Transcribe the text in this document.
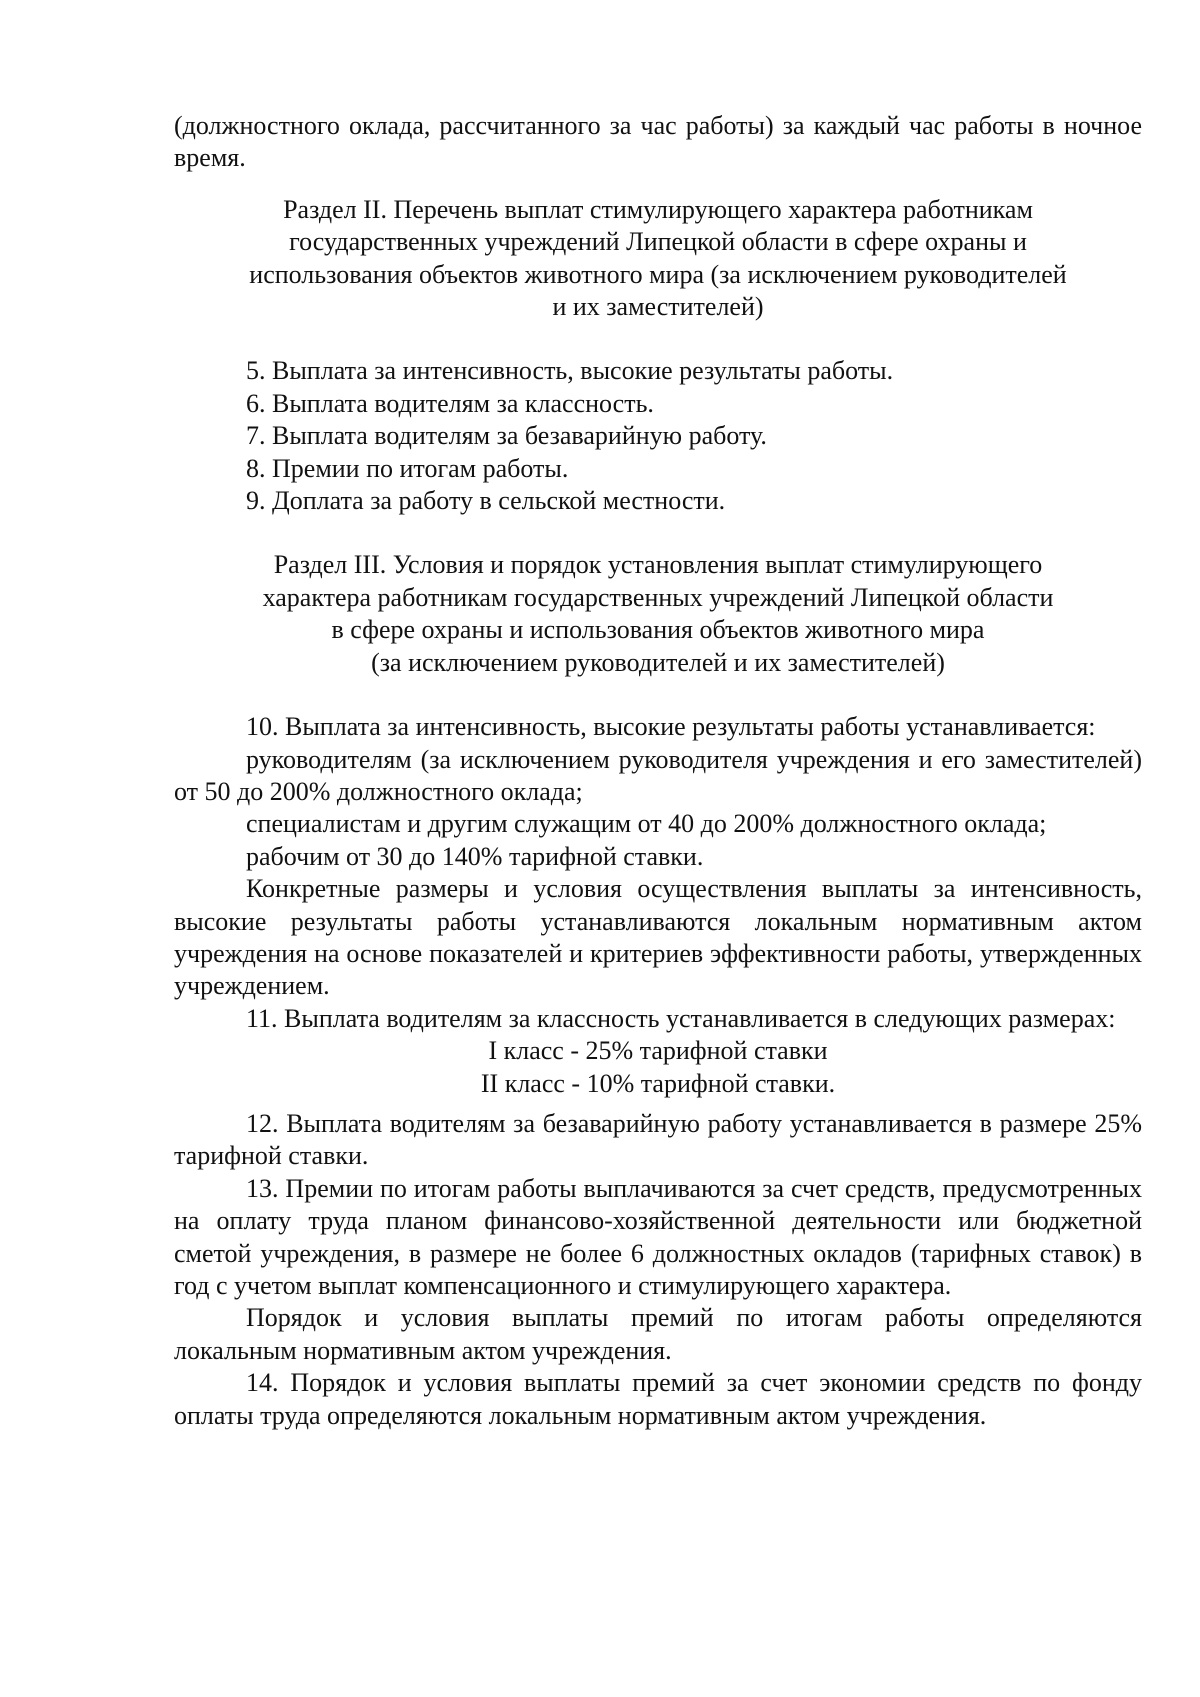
(должностного оклада, рассчитанного за час работы) за каждый час работы в ночное время.

Раздел II. Перечень выплат стимулирующего характера работникам
государственных учреждений Липецкой области в сфере охраны и
использования объектов животного мира (за исключением руководителей
и их заместителей)

5. Выплата за интенсивность, высокие результаты работы.

6. Выплата водителям за классность.

7. Выплата водителям за безаварийную работу.

8. Премии по итогам работы.

9. Доплата за работу в сельской местности.

Раздел III. Условия и порядок установления выплат стимулирующего
характера работникам государственных учреждений Липецкой области
в сфере охраны и использования объектов животного мира
(за исключением руководителей и их заместителей)

10. Выплата за интенсивность, высокие результаты работы устанавливается:

руководителям (за исключением руководителя учреждения и его заместителей) от 50 до 200% должностного оклада;

специалистам и другим служащим от 40 до 200% должностного оклада;

рабочим от 30 до 140% тарифной ставки.

Конкретные размеры и условия осуществления выплаты за интенсивность, высокие результаты работы устанавливаются локальным нормативным актом учреждения на основе показателей и критериев эффективности работы, утвержденных учреждением.

11. Выплата водителям за классность устанавливается в следующих размерах:

I класс - 25% тарифной ставки

II класс - 10% тарифной ставки.

12. Выплата водителям за безаварийную работу устанавливается в размере 25% тарифной ставки.

13. Премии по итогам работы выплачиваются за счет средств, предусмотренных на оплату труда планом финансово-хозяйственной деятельности или бюджетной сметой учреждения, в размере не более 6 должностных окладов (тарифных ставок) в год с учетом выплат компенсационного и стимулирующего характера.

Порядок и условия выплаты премий по итогам работы определяются локальным нормативным актом учреждения.

14. Порядок и условия выплаты премий за счет экономии средств по фонду оплаты труда определяются локальным нормативным актом учреждения.
